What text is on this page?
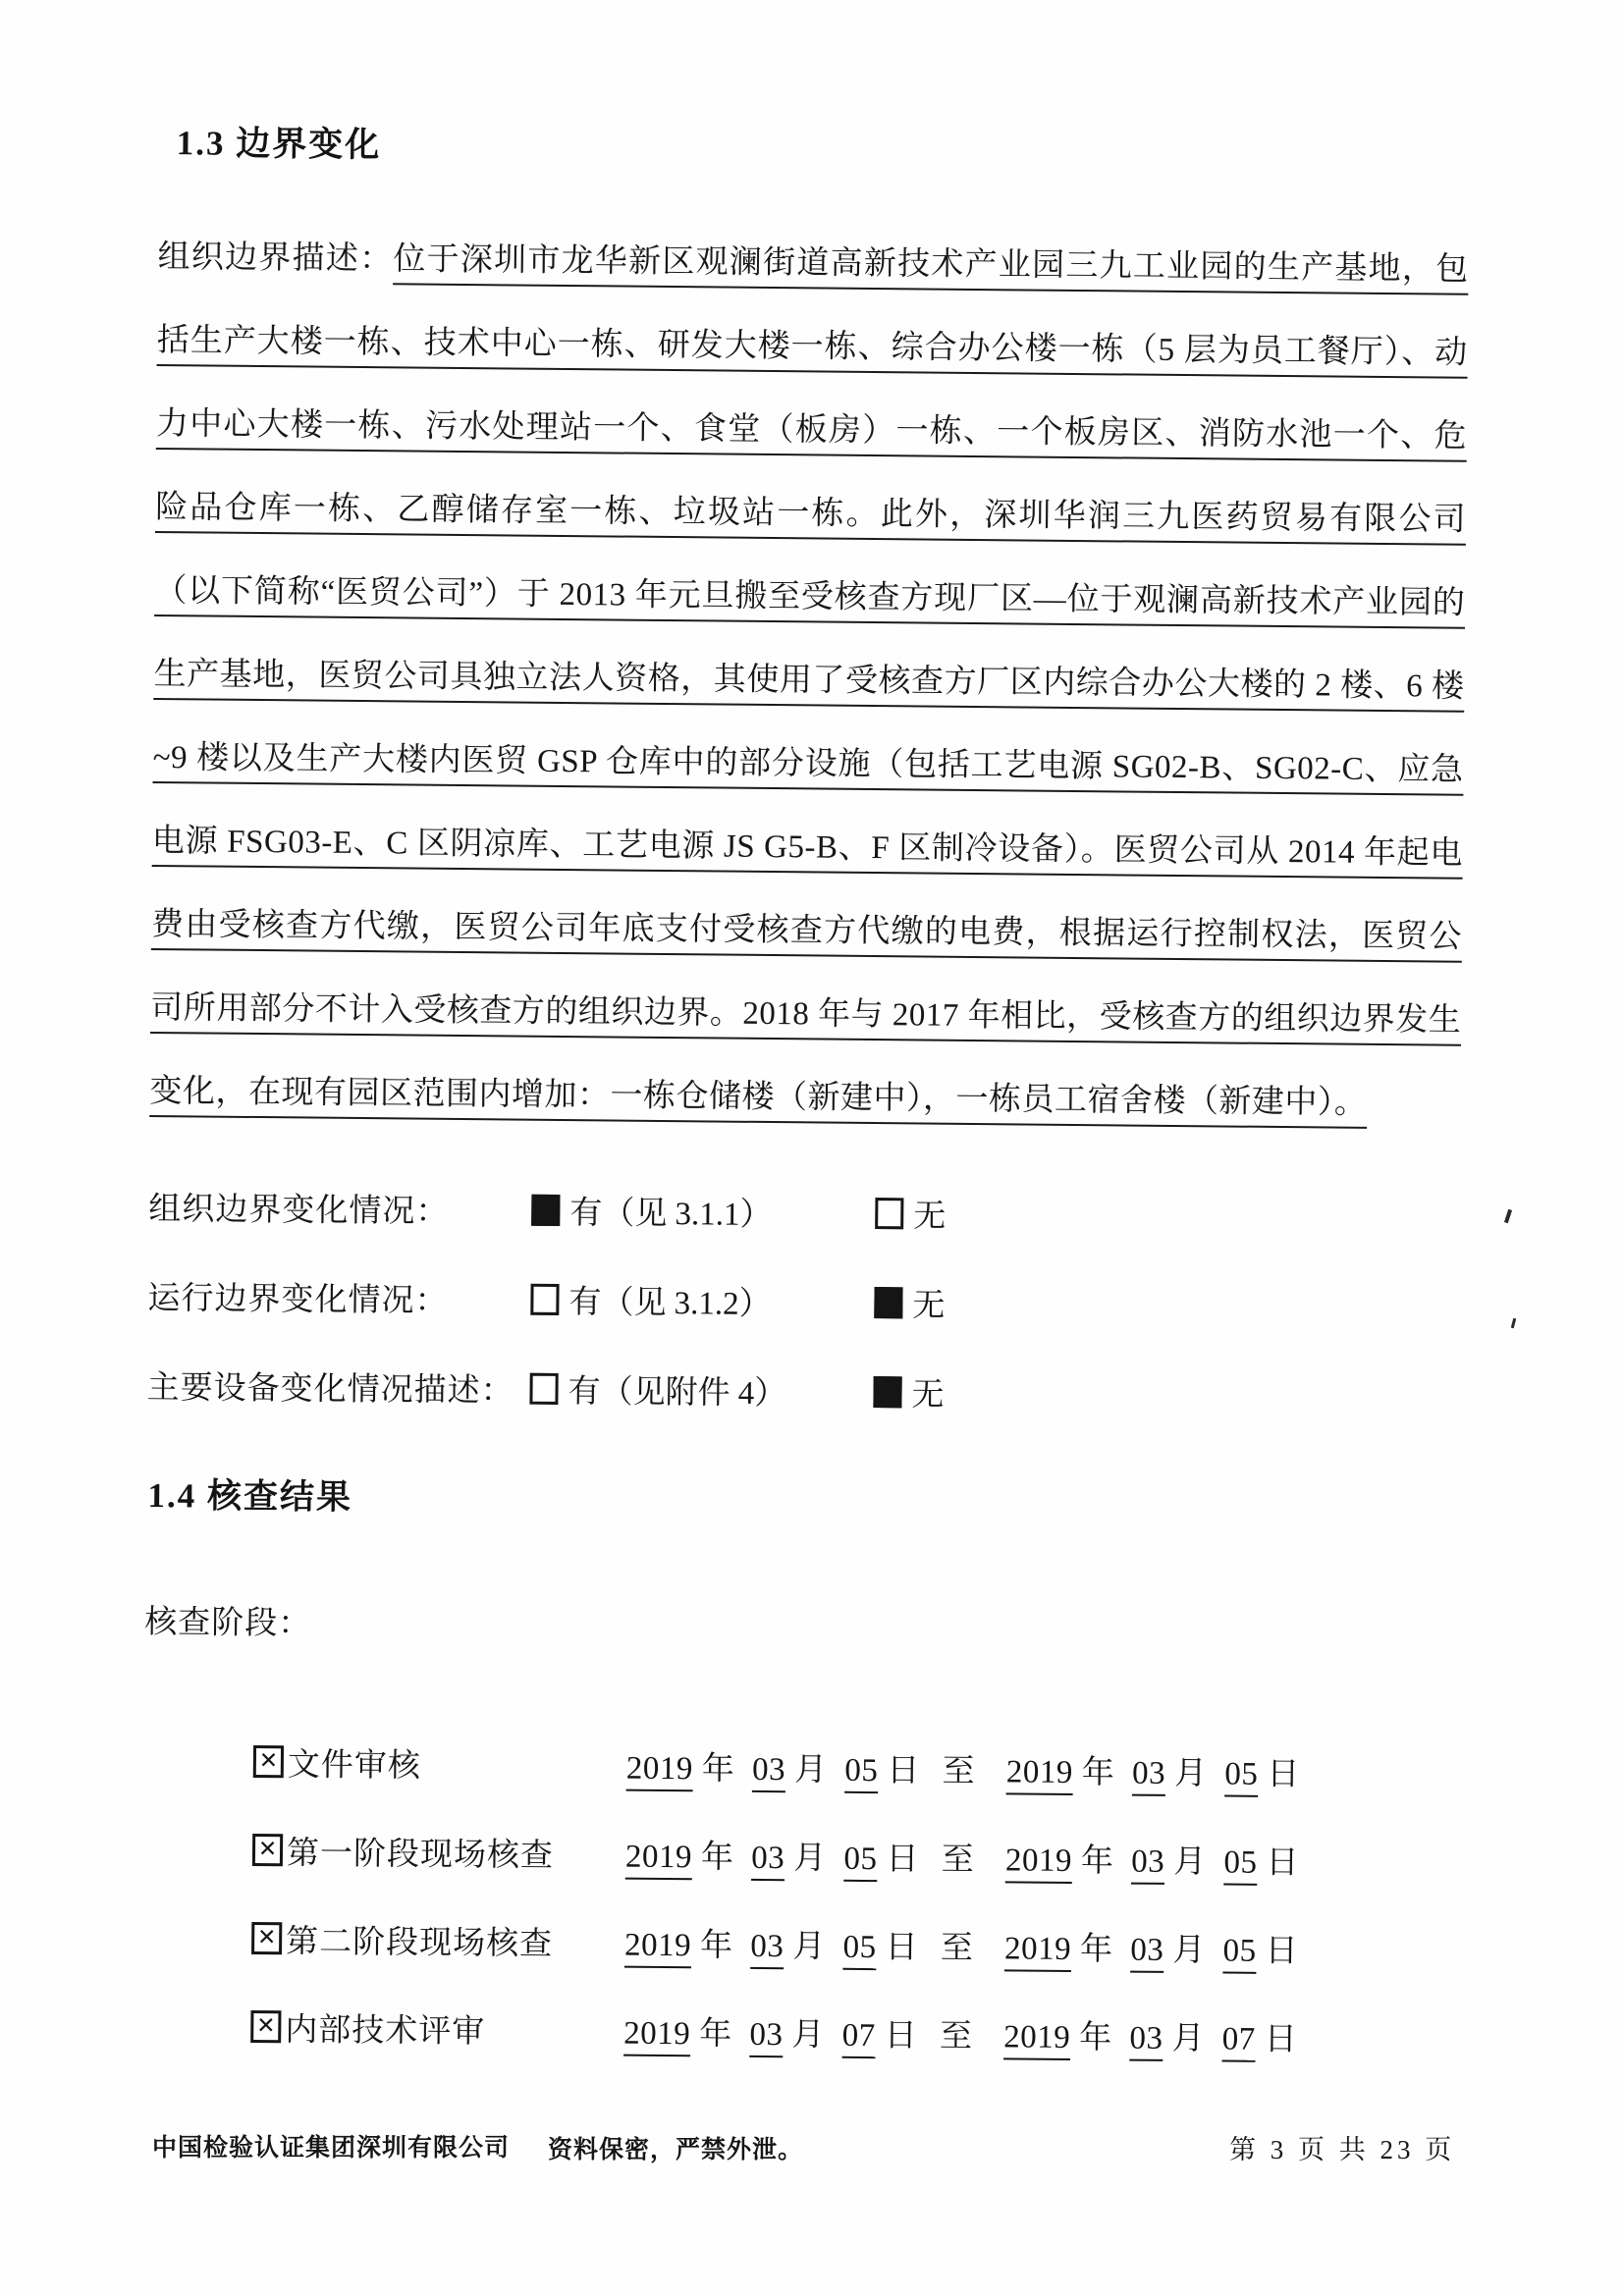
1.3 边界变化

组织边界描述：位于深圳市龙华新区观澜街道高新技术产业园三九工业园的生产基地，包括生产大楼一栋、技术中心一栋、研发大楼一栋、综合办公楼一栋（5 层为员工餐厅）、动力中心大楼一栋、污水处理站一个、食堂（板房）一栋、一个板房区、消防水池一个、危险品仓库一栋、乙醇储存室一栋、垃圾站一栋。此外，深圳华润三九医药贸易有限公司（以下简称“医贸公司”）于 2013 年元旦搬至受核查方现厂区—位于观澜高新技术产业园的生产基地，医贸公司具独立法人资格，其使用了受核查方厂区内综合办公大楼的 2 楼、6 楼~9 楼以及生产大楼内医贸 GSP 仓库中的部分设施（包括工艺电源 SG02-B、SG02-C、应急电源 FSG03-E、C 区阴凉库、工艺电源 JS G5-B、F 区制冷设备）。医贸公司从 2014 年起电费由受核查方代缴，医贸公司年底支付受核查方代缴的电费，根据运行控制权法，医贸公司所用部分不计入受核查方的组织边界。2018 年与 2017 年相比，受核查方的组织边界发生变化，在现有园区范围内增加：一栋仓储楼（新建中），一栋员工宿舍楼（新建中）。

组织边界变化情况：	有（见 3.1.1）	无
运行边界变化情况：	有（见 3.1.2）	无
主要设备变化情况描述：	有（见附件 4）	无
1.4 核查结果
核查阶段：
✕ 文件审核	2019 年 03 月 05 日 至 2019 年 03 月 05 日
✕ 第一阶段现场核查	2019 年 03 月 05 日 至 2019 年 03 月 05 日
✕ 第二阶段现场核查	2019 年 03 月 05 日 至 2019 年 03 月 05 日
✕ 内部技术评审	2019 年 03 月 07 日 至 2019 年 03 月 07 日
中国检验认证集团深圳有限公司 资料保密，严禁外泄。	第 3 页 共 23 页
